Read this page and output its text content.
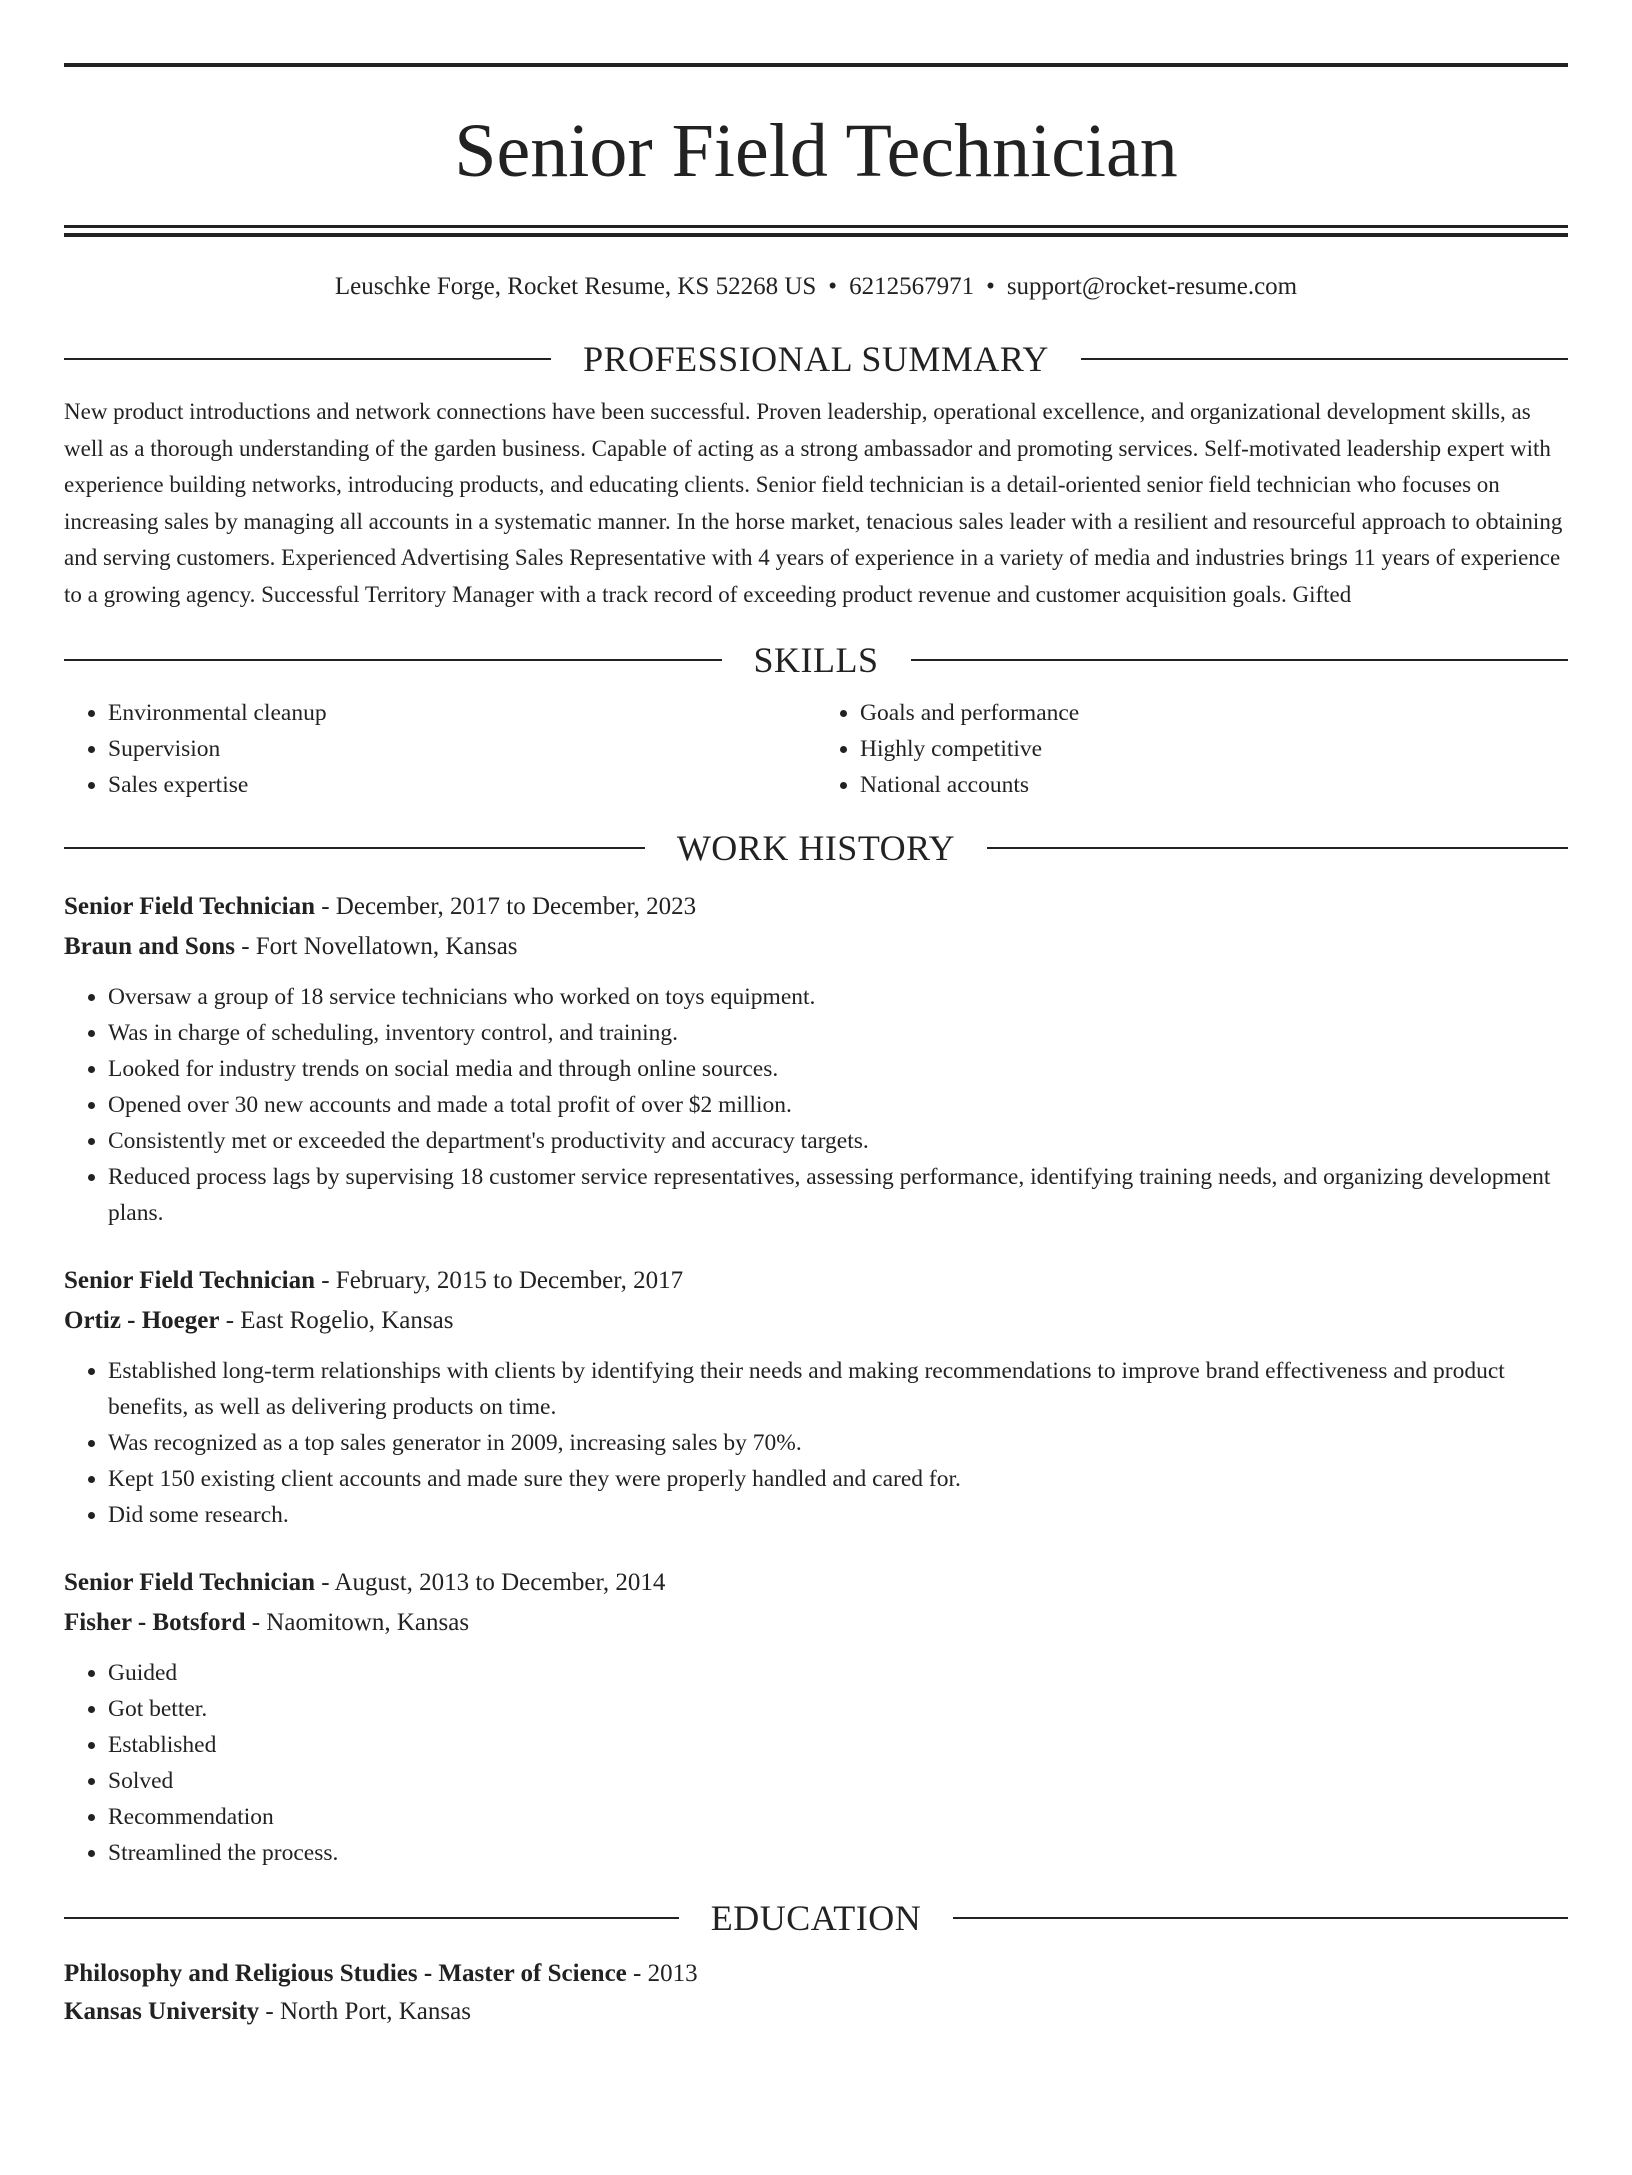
Senior Field Technician
Leuschke Forge, Rocket Resume, KS 52268 US • 6212567971 • support@rocket-resume.com
PROFESSIONAL SUMMARY
New product introductions and network connections have been successful. Proven leadership, operational excellence, and organizational development skills, as well as a thorough understanding of the garden business. Capable of acting as a strong ambassador and promoting services. Self-motivated leadership expert with experience building networks, introducing products, and educating clients. Senior field technician is a detail-oriented senior field technician who focuses on increasing sales by managing all accounts in a systematic manner. In the horse market, tenacious sales leader with a resilient and resourceful approach to obtaining and serving customers. Experienced Advertising Sales Representative with 4 years of experience in a variety of media and industries brings 11 years of experience to a growing agency. Successful Territory Manager with a track record of exceeding product revenue and customer acquisition goals. Gifted
SKILLS
• Environmental cleanup
• Supervision
• Sales expertise
• Goals and performance
• Highly competitive
• National accounts
WORK HISTORY
Senior Field Technician - December, 2017 to December, 2023
Braun and Sons - Fort Novellatown, Kansas
• Oversaw a group of 18 service technicians who worked on toys equipment.
• Was in charge of scheduling, inventory control, and training.
• Looked for industry trends on social media and through online sources.
• Opened over 30 new accounts and made a total profit of over $2 million.
• Consistently met or exceeded the department's productivity and accuracy targets.
• Reduced process lags by supervising 18 customer service representatives, assessing performance, identifying training needs, and organizing development plans.
Senior Field Technician - February, 2015 to December, 2017
Ortiz - Hoeger - East Rogelio, Kansas
• Established long-term relationships with clients by identifying their needs and making recommendations to improve brand effectiveness and product benefits, as well as delivering products on time.
• Was recognized as a top sales generator in 2009, increasing sales by 70%.
• Kept 150 existing client accounts and made sure they were properly handled and cared for.
• Did some research.
Senior Field Technician - August, 2013 to December, 2014
Fisher - Botsford - Naomitown, Kansas
• Guided
• Got better.
• Established
• Solved
• Recommendation
• Streamlined the process.
EDUCATION
Philosophy and Religious Studies - Master of Science - 2013
Kansas University - North Port, Kansas
